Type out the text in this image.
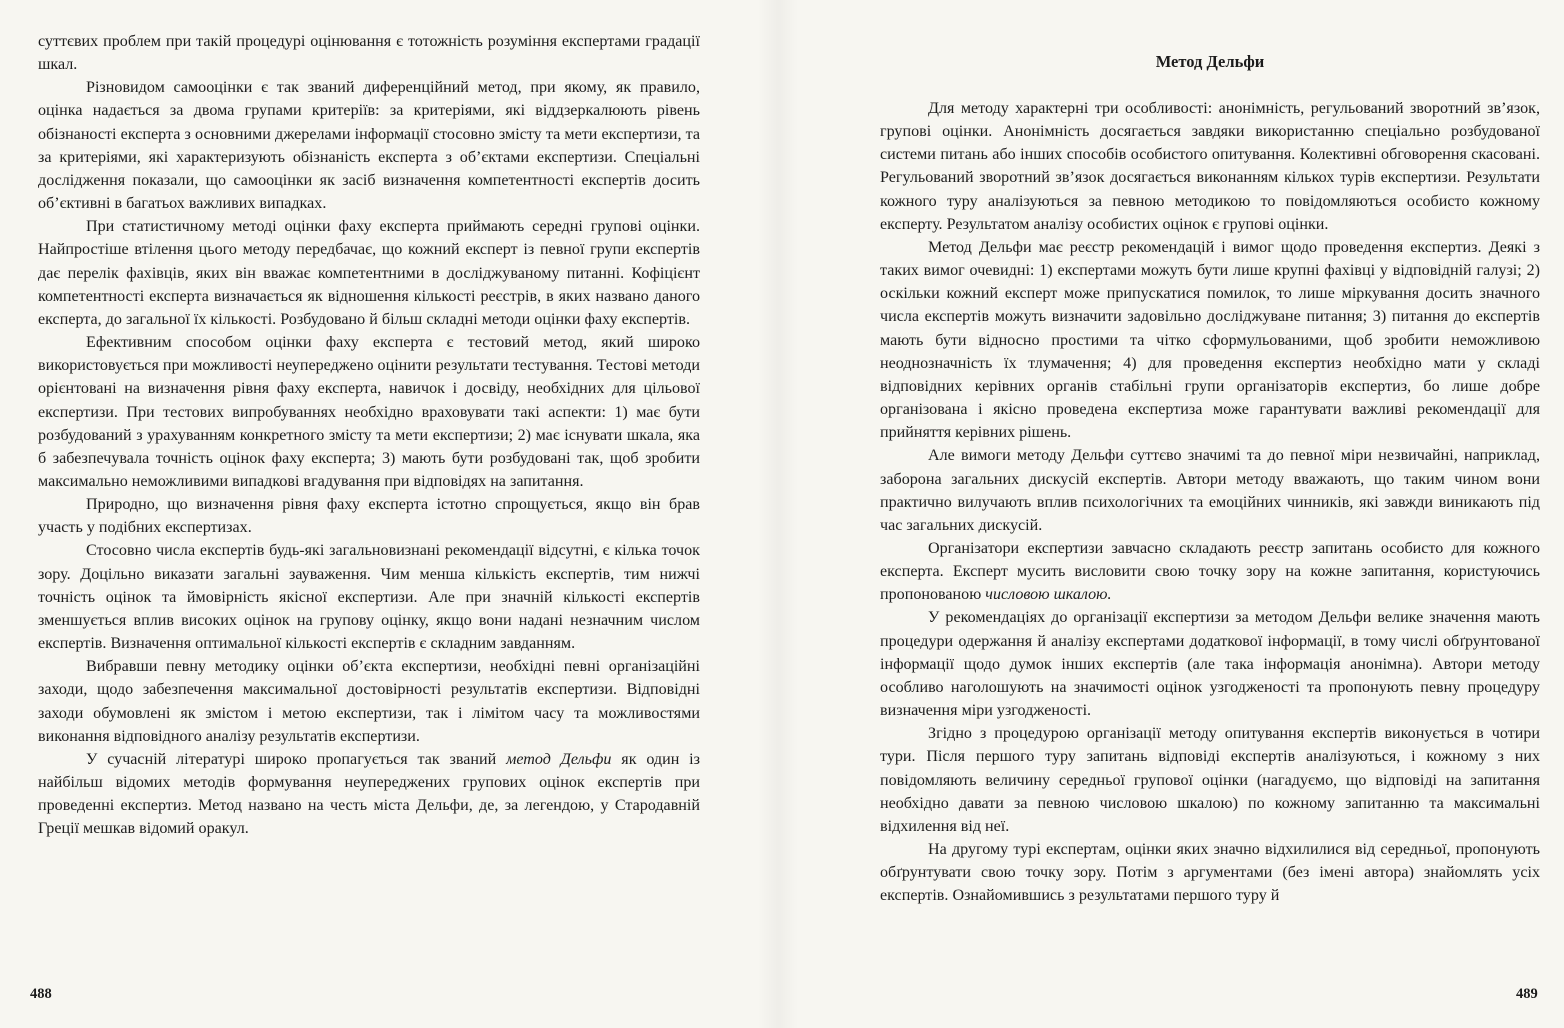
суттєвих проблем при такій процедурі оцінювання є тотожність розуміння експертами градації шкал.

Різновидом самооцінки є так званий диференційний метод, при якому, як правило, оцінка надається за двома групами критеріїв: за критеріями, які віддзеркалюють рівень обізнаності експерта з основними джерелами інформації стосовно змісту та мети експертизи, та за критеріями, які характеризують обізнаність експерта з об’єктами експертизи. Спеціальні дослідження показали, що самооцінки як засіб визначення компетентності експертів досить об’єктивні в багатьох важливих випадках.

При статистичному методі оцінки фаху експерта приймають середні групові оцінки. Найпростіше втілення цього методу передбачає, що кожний експерт із певної групи експертів дає перелік фахівців, яких він вважає компетентними в досліджуваному питанні. Кофіцієнт компетентності експерта визначається як відношення кількості реєстрів, в яких названо даного експерта, до загальної їх кількості. Розбудовано й більш складні методи оцінки фаху експертів.

Ефективним способом оцінки фаху експерта є тестовий метод, який широко використовується при можливості неупереджено оцінити результати тестування. Тестові методи орієнтовані на визначення рівня фаху експерта, навичок і досвіду, необхідних для цільової експертизи. При тестових випробуваннях необхідно враховувати такі аспекти: 1) має бути розбудований з урахуванням конкретного змісту та мети експертизи; 2) має існувати шкала, яка б забезпечувала точність оцінок фаху експерта; 3) мають бути розбудовані так, щоб зробити максимально неможливими випадкові вгадування при відповідях на запитання.

Природно, що визначення рівня фаху експерта істотно спрощується, якщо він брав участь у подібних експертизах.

Стосовно числа експертів будь-які загальновизнані рекомендації відсутні, є кілька точок зору. Доцільно виказати загальні зауваження. Чим менша кількість експертів, тим нижчі точність оцінок та ймовірність якісної експертизи. Але при значній кількості експертів зменшується вплив високих оцінок на групову оцінку, якщо вони надані незначним числом експертів. Визначення оптимальної кількості експертів є складним завданням.

Вибравши певну методику оцінки об’єкта експертизи, необхідні певні організаційні заходи, щодо забезпечення максимальної достовірності результатів експертизи. Відповідні заходи обумовлені як змістом і метою експертизи, так і лімітом часу та можливостями виконання відповідного аналізу результатів експертизи.

У сучасній літературі широко пропагується так званий метод Дельфи як один із найбільш відомих методів формування неупереджених групових оцінок експертів при проведенні експертиз. Метод названо на честь міста Дельфи, де, за легендою, у Стародавній Греції мешкав відомий оракул.

488
Метод Дельфи

Для методу характерні три особливості: анонімність, регульований зворотний зв’язок, групові оцінки. Анонімність досягається завдяки використанню спеціально розбудованої системи питань або інших способів особистого опитування. Колективні обговорення скасовані. Регульований зворотний зв’язок досягається виконанням кількох турів експертизи. Результати кожного туру аналізуються за певною методикою то повідомляються особисто кожному експерту. Результатом аналізу особистих оцінок є групові оцінки.

Метод Дельфи має реєстр рекомендацій і вимог щодо проведення експертиз. Деякі з таких вимог очевидні: 1) експертами можуть бути лише крупні фахівці у відповідній галузі; 2) оскільки кожний експерт може припускатися помилок, то лише міркування досить значного числа експертів можуть визначити задовільно досліджуване питання; 3) питання до експертів мають бути відносно простими та чітко сформульованими, щоб зробити неможливою неоднозначність їх тлумачення; 4) для проведення експертиз необхідно мати у складі відповідних керівних органів стабільні групи організаторів експертиз, бо лише добре організована і якісно проведена експертиза може гарантувати важливі рекомендації для прийняття керівних рішень.

Але вимоги методу Дельфи суттєво значимі та до певної міри незвичайні, наприклад, заборона загальних дискусій експертів. Автори методу вважають, що таким чином вони практично вилучають вплив психологічних та емоційних чинників, які завжди виникають під час загальних дискусій.

Організатори експертизи завчасно складають реєстр запитань особисто для кожного експерта. Експерт мусить висловити свою точку зору на кожне запитання, користуючись пропонованою числовою шкалою.

У рекомендаціях до організації експертизи за методом Дельфи велике значення мають процедури одержання й аналізу експертами додаткової інформації, в тому числі обґрунтованої інформації щодо думок інших експертів (але така інформація анонімна). Автори методу особливо наголошують на значимості оцінок узгодженості та пропонують певну процедуру визначення міри узгодженості.

Згідно з процедурою організації методу опитування експертів виконується в чотири тури. Після першого туру запитань відповіді експертів аналізуються, і кожному з них повідомляють величину середньої групової оцінки (нагадуємо, що відповіді на запитання необхідно давати за певною числовою шкалою) по кожному запитанню та максимальні відхилення від неї.

На другому турі експертам, оцінки яких значно відхилилися від середньої, пропонують обґрунтувати свою точку зору. Потім з аргументами (без імені автора) знайомлять усіх експертів. Ознайомившись з результатами першого туру й

489
